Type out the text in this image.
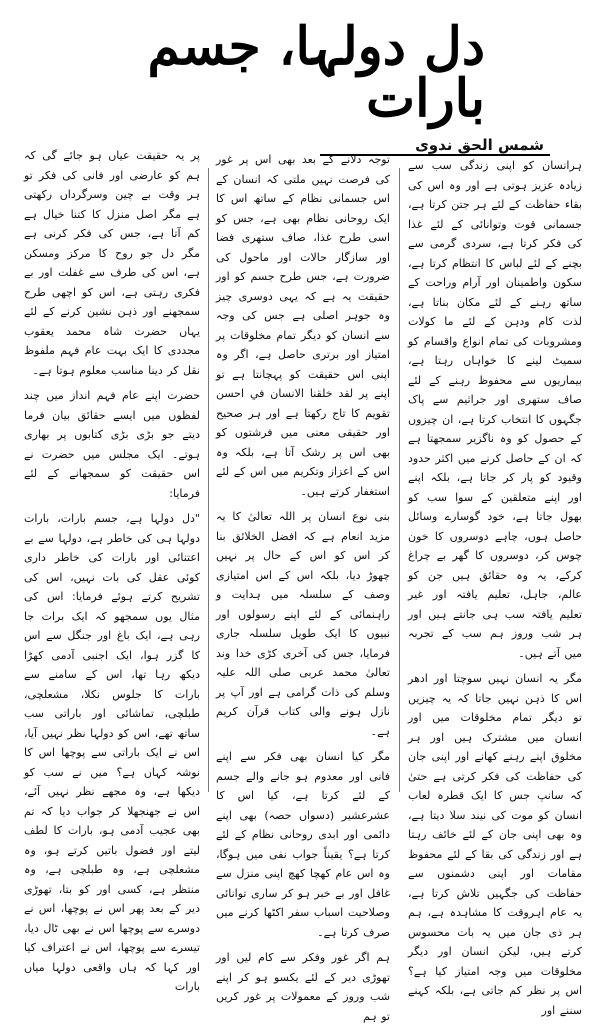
دل دولہا، جسم بارات
شمس الحق ندوی

ہرانسان کو اپنی زندگی سب سے زیادہ عزیز ہوتی ہے اور وہ اس کی بقاء حفاظت کے لئے ہر جتن کرتا ہے، جسمانی قوت وتوانائی کے لئے غذا کی فکر کرتا ہے، سردی گرمی سے بچنے کے لئے لباس کا انتظام کرتا ہے، سکون واطمینان اور آرام وراحت کے ساتھ رہنے کے لئے مکان بناتا ہے، لذت کام ودہن کے لئے ما کولات ومشروبات کی تمام انواع واقسام کو سمیٹ لینے کا خواہاں رہتا ہے، بیماریوں سے محفوظ رہنے کے لئے صاف ستھری اور جراثیم سے پاک جگہوں کا انتخاب کرتا ہے، ان چیزوں کے حصول کو وہ ناگزیر سمجھتا ہے کہ ان کے حاصل کرنے میں اکثر حدود وقیود کو پار کر جاتا ہے، بلکہ اپنے اور اپنے متعلقین کے سوا سب کو بھول جاتا ہے، خود گوسارے وسائل حاصل ہوں، چاہے دوسروں کا خون چوس کر، دوسروں کا گھر بے چراغ کرکے، یہ وہ حقائق ہیں جن کو عالم، جاہل، تعلیم یافتہ اور غیر تعلیم یافتہ سب ہی جانتے ہیں اور ہر شب وروز ہم سب کے تجربہ میں آتے ہیں۔

مگر یہ انسان نہیں سوچتا اور ادھر اس کا ذہن نہیں جاتا کہ یہ چیزیں تو دیگر تمام مخلوقات میں اور انسان میں مشترک ہیں اور ہر مخلوق اپنے رہنے کھانے اور اپنی جان کی حفاظت کی فکر کرتی ہے حتیٰ کہ سانپ جس کا ایک قطرہ لعاب انسان کو موت کی نیند سلا دیتا ہے، وہ بھی اپنی جان کے لئے خائف رہتا ہے اور زندگی کی بقا کے لئے محفوظ مقامات اور اپنی دشمنوں سے حفاظت کی جگہیں تلاش کرتا ہے، یہ عام اہروقت کا مشاہدہ ہے، ہم ہر ذی جان میں یہ بات محسوس کرتے ہیں، لیکن انسان اور دیگر مخلوقات میں وجہ امتیاز کیا ہے؟ اس پر نظر کم جاتی ہے، بلکہ کہنے سننے اور

توجہ دلانے کے بعد بھی اس پر غور کی فرصت نہیں ملتی کہ انسان کے اس جسمانی نظام کے ساتھ اس کا ایک روحانی نظام بھی ہے، جس کو اسی طرح غذا، صاف ستھری فضا اور سازگار حالات اور ماحول کی ضرورت ہے، جس طرح جسم کو اور حقیقت یہ ہے کہ یہی دوسری چیز وہ جوہر اصلی ہے جس کی وجہ سے انسان کو دیگر تمام مخلوقات پر امتیاز اور برتری حاصل ہے، اگر وہ اپنی اس حقیقت کو پہچانتا ہے تو اپنے پر لقد خلقنا الانسان في احسن تقويم کا تاج رکھتا ہے اور ہر صحیح اور حقیقی معنی میں فرشتوں کو بھی اس پر رشک آتا ہے، بلکہ وہ اس کے اعزاز وتکریم میں اس کے لئے استغفار کرتے ہیں۔

بنی نوع انسان پر اللہ تعالیٰ کا یہ مزید انعام ہے کہ افضل الخلائق بنا کر اس کو اس کے حال پر نہیں چھوڑ دیا، بلکہ اس کے اس امتیازی وصف کے سلسلہ میں ہدایت و راہنمائی کے لئے اپنے رسولوں اور نبیوں کا ایک طویل سلسلہ جاری فرمایا، جس کی آخری کڑی خدا وند تعالیٰ محمد عربی صلی اللہ علیہ وسلم کی ذات گرامی ہے اور آپ پر نازل ہونے والی کتاب قرآن کریم ہے۔

مگر کیا انسان بھی فکر سے اپنے فانی اور معدوم ہو جانے والے جسم کے لئے کرتا ہے، کیا اس کا عشرعشیر (دسواں حصہ) بھی اپنے دائمی اور ابدی روحانی نظام کے لئے کرتا ہے؟ یقیناً جواب نفی میں ہوگا، وہ اس عام کھچا کھچ اپنی منزل سے غافل اور بے خبر ہو کر ساری توانائی وصلاحیت اسباب سفر اکٹھا کرنے میں صرف کرتا ہے۔

ہم اگر غور وفکر سے کام لیں اور تھوڑی دیر کے لئے یکسو ہو کر اپنے شب وروز کے معمولات پر غور کریں تو ہم

پر یہ حقیقت عیاں ہو جائے گی کہ ہم کو عارضی اور فانی کی فکر تو ہر وقت بے چین وسرگرداں رکھتی ہے مگر اصل منزل کا کتنا خیال ہے کم آتا ہے، جس کی فکر کرنی ہے مگر دل جو روح کا مرکز ومسکن ہے، اس کی طرف سے غفلت اور بے فکری رہتی ہے، اس کو اچھی طرح سمجھنے اور ذہن نشین کرنے کے لئے یہاں حضرت شاہ محمد یعقوب مجددی کا ایک بہت عام فہم ملفوظ نقل کر دینا مناسب معلوم ہوتا ہے۔

حضرت اپنے عام فہم انداز میں چند لفظوں میں ایسے حقائق بیان فرما دیتے جو بڑی بڑی کتابوں پر بھاری ہوتے۔ ایک مجلس میں حضرت نے اس حقیقت کو سمجھانے کے لئے فرمایا:

"دل دولہا ہے، جسم بارات، بارات دولہا ہی کی خاطر ہے، دولہا سے بے اعتنائی اور بارات کی خاطر داری کوئی عقل کی بات نہیں، اس کی تشریح کرتے ہوئے فرمایا: اس کی مثال یوں سمجھو کہ ایک برات جا رہی ہے، ایک باغ اور جنگل سے اس کا گزر ہوا، ایک اجنبی آدمی کھڑا دیکھ رہا تھا، اس کے سامنے سے بارات کا جلوس نکلا، مشعلچی، طبلچی، تماشائی اور باراتی سب ساتھ تھے، اس کو دولہا نظر نہیں آیا، اس نے ایک باراتی سے پوچھا اس کا نوشہ کہاں ہے؟ میں نے سب کو دیکھا ہے، وہ مجھے نظر نہیں آئے، اس نے جھنجھلا کر جواب دیا کہ تم بھی عجیب آدمی ہو، بارات کا لطف لیتے اور فضول باتیں کرتے ہو، وہ مشعلچی ہے، وہ طبلچی ہے، وہ منتظر ہے، کسی اور کو بتا، تھوڑی دیر کے بعد پھر اس نے پوچھا، اس نے دوسرے سے پوچھا اس نے بھی ٹال دیا، تیسرے سے پوچھا، اس نے اعتراف کیا اور کہا کہ ہاں واقعی دولہا میاں بارات
